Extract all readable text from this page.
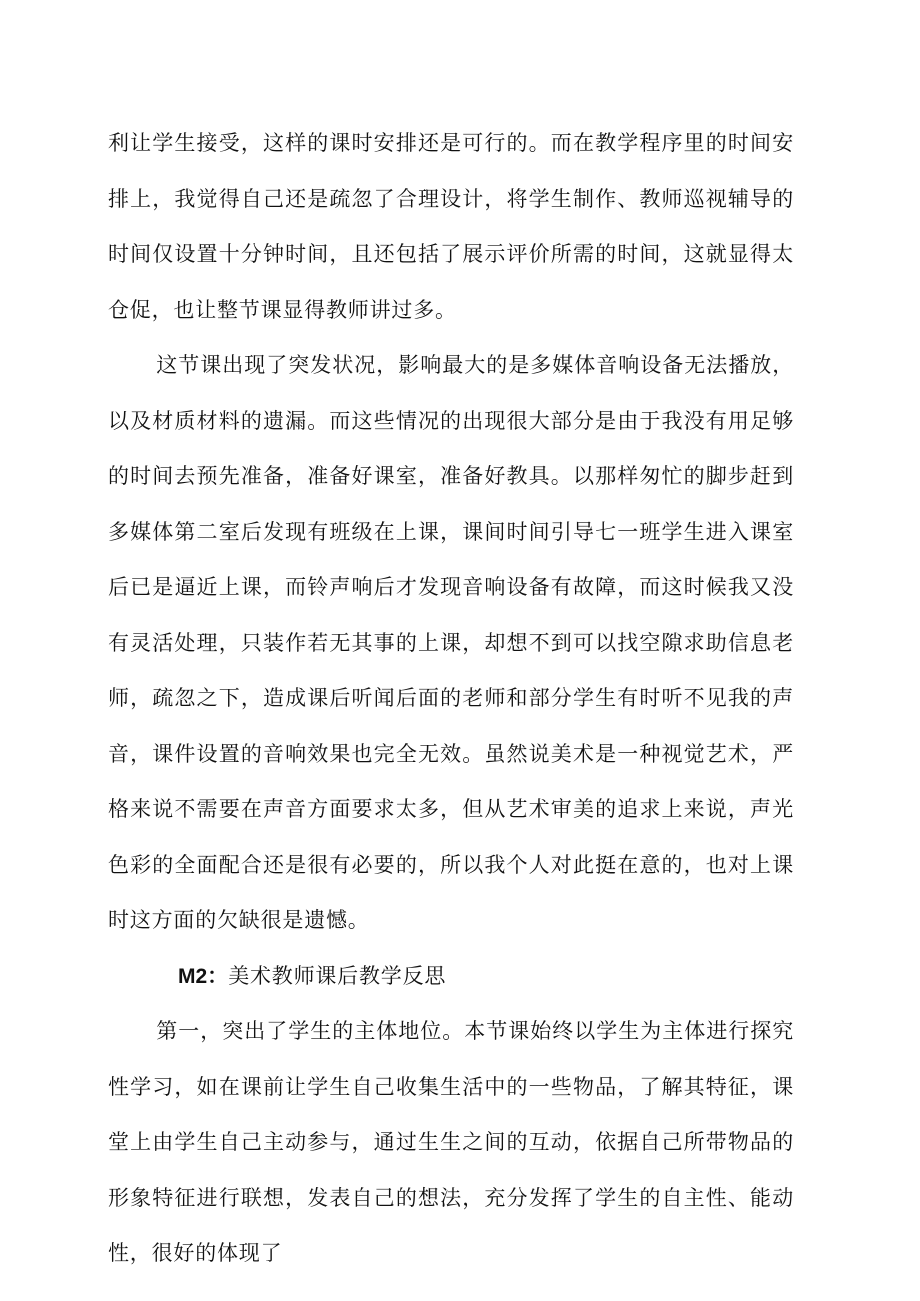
利让学生接受，这样的课时安排还是可行的。而在教学程序里的时间安排上，我觉得自己还是疏忽了合理设计，将学生制作、教师巡视辅导的时间仅设置十分钟时间，且还包括了展示评价所需的时间，这就显得太仓促，也让整节课显得教师讲过多。

这节课出现了突发状况，影响最大的是多媒体音响设备无法播放，以及材质材料的遗漏。而这些情况的出现很大部分是由于我没有用足够的时间去预先准备，准备好课室，准备好教具。以那样匆忙的脚步赶到多媒体第二室后发现有班级在上课，课间时间引导七一班学生进入课室后已是逼近上课，而铃声响后才发现音响设备有故障，而这时候我又没有灵活处理，只装作若无其事的上课，却想不到可以找空隙求助信息老师，疏忽之下，造成课后听闻后面的老师和部分学生有时听不见我的声音，课件设置的音响效果也完全无效。虽然说美术是一种视觉艺术，严格来说不需要在声音方面要求太多，但从艺术审美的追求上来说，声光色彩的全面配合还是很有必要的，所以我个人对此挺在意的，也对上课时这方面的欠缺很是遗憾。

M2：美术教师课后教学反思

第一，突出了学生的主体地位。本节课始终以学生为主体进行探究性学习，如在课前让学生自己收集生活中的一些物品，了解其特征，课堂上由学生自己主动参与，通过生生之间的互动，依据自己所带物品的形象特征进行联想，发表自己的想法，充分发挥了学生的自主性、能动性，很好的体现了
